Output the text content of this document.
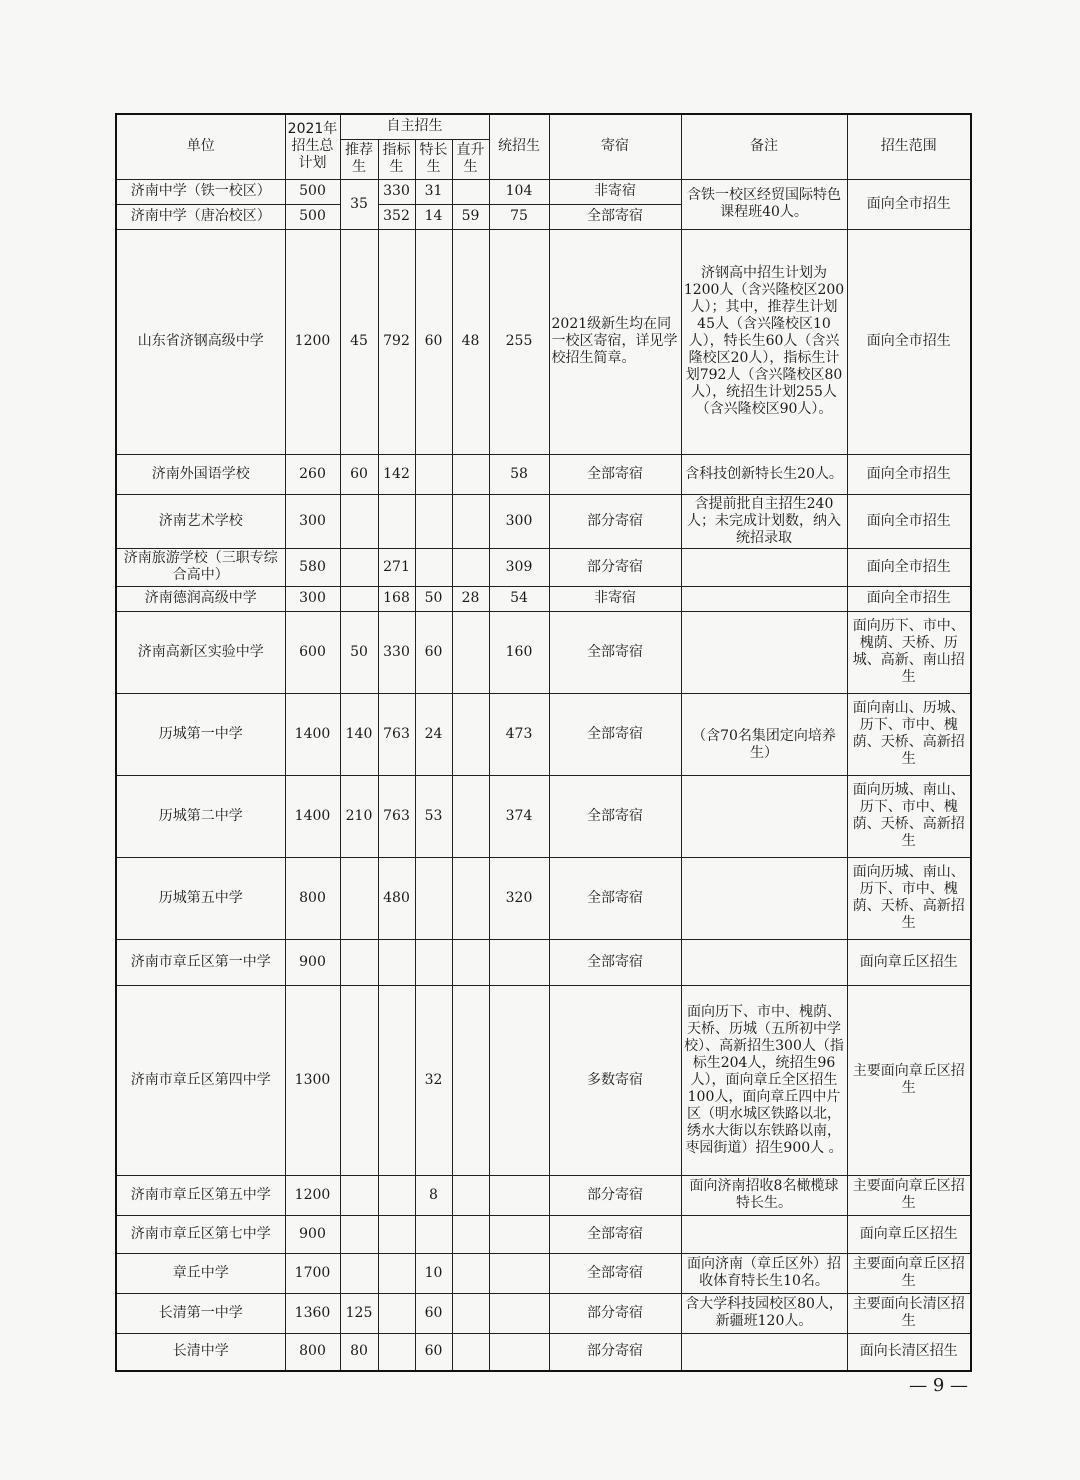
单位	2021年招生总计划	自主招生				统招生	寄宿	备注	招生范围
		推荐生	指标生	特长生	直升生				
济南中学（铁一校区）	500	35	330	31		104	非寄宿	含铁一校区经贸国际特色课程班40人。	面向全市招生
济南中学（唐冶校区）	500		352	14	59	75	全部寄宿		
山东省济钢高级中学	1200	45	792	60	48	255	2021级新生均在同一校区寄宿，详见学校招生简章。	济钢高中招生计划为1200人（含兴隆校区200人）；其中，推荐生计划45人（含兴隆校区10人），特长生60人（含兴隆校区20人），指标生计划792人（含兴隆校区80人），统招生计划255人（含兴隆校区90人）。	面向全市招生
济南外国语学校	260	60	142			58	全部寄宿	含科技创新特长生20人。	面向全市招生
济南艺术学校	300					300	部分寄宿	含提前批自主招生240人；未完成计划数，纳入统招录取	面向全市招生
济南旅游学校（三职专综合高中）	580		271			309	部分寄宿		面向全市招生
济南德润高级中学	300		168	50	28	54	非寄宿		面向全市招生
济南高新区实验中学	600	50	330	60		160	全部寄宿		面向历下、市中、槐荫、天桥、历城、高新、南山招生
历城第一中学	1400	140	763	24		473	全部寄宿	（含70名集团定向培养生）	面向南山、历城、历下、市中、槐荫、天桥、高新招生
历城第二中学	1400	210	763	53		374	全部寄宿		面向历城、南山、历下、市中、槐荫、天桥、高新招生
历城第五中学	800		480			320	全部寄宿		面向历城、南山、历下、市中、槐荫、天桥、高新招生
济南市章丘区第一中学	900						全部寄宿		面向章丘区招生
济南市章丘区第四中学	1300			32			多数寄宿	面向历下、市中、槐荫、天桥、历城（五所初中学校）、高新招生300人（指标生204人，统招生96人），面向章丘全区招生100人，面向章丘四中片区（明水城区铁路以北，绣水大街以东铁路以南，枣园街道）招生900人 。	主要面向章丘区招生
济南市章丘区第五中学	1200			8			部分寄宿	面向济南招收8名橄榄球特长生。	主要面向章丘区招生
济南市章丘区第七中学	900						全部寄宿		面向章丘区招生
章丘中学	1700			10			全部寄宿	面向济南（章丘区外）招收体育特长生10名。	主要面向章丘区招生
长清第一中学	1360	125		60			部分寄宿	含大学科技园校区80人，新疆班120人。	主要面向长清区招生
长清中学	800	80		60			部分寄宿		面向长清区招生
— 9 —
